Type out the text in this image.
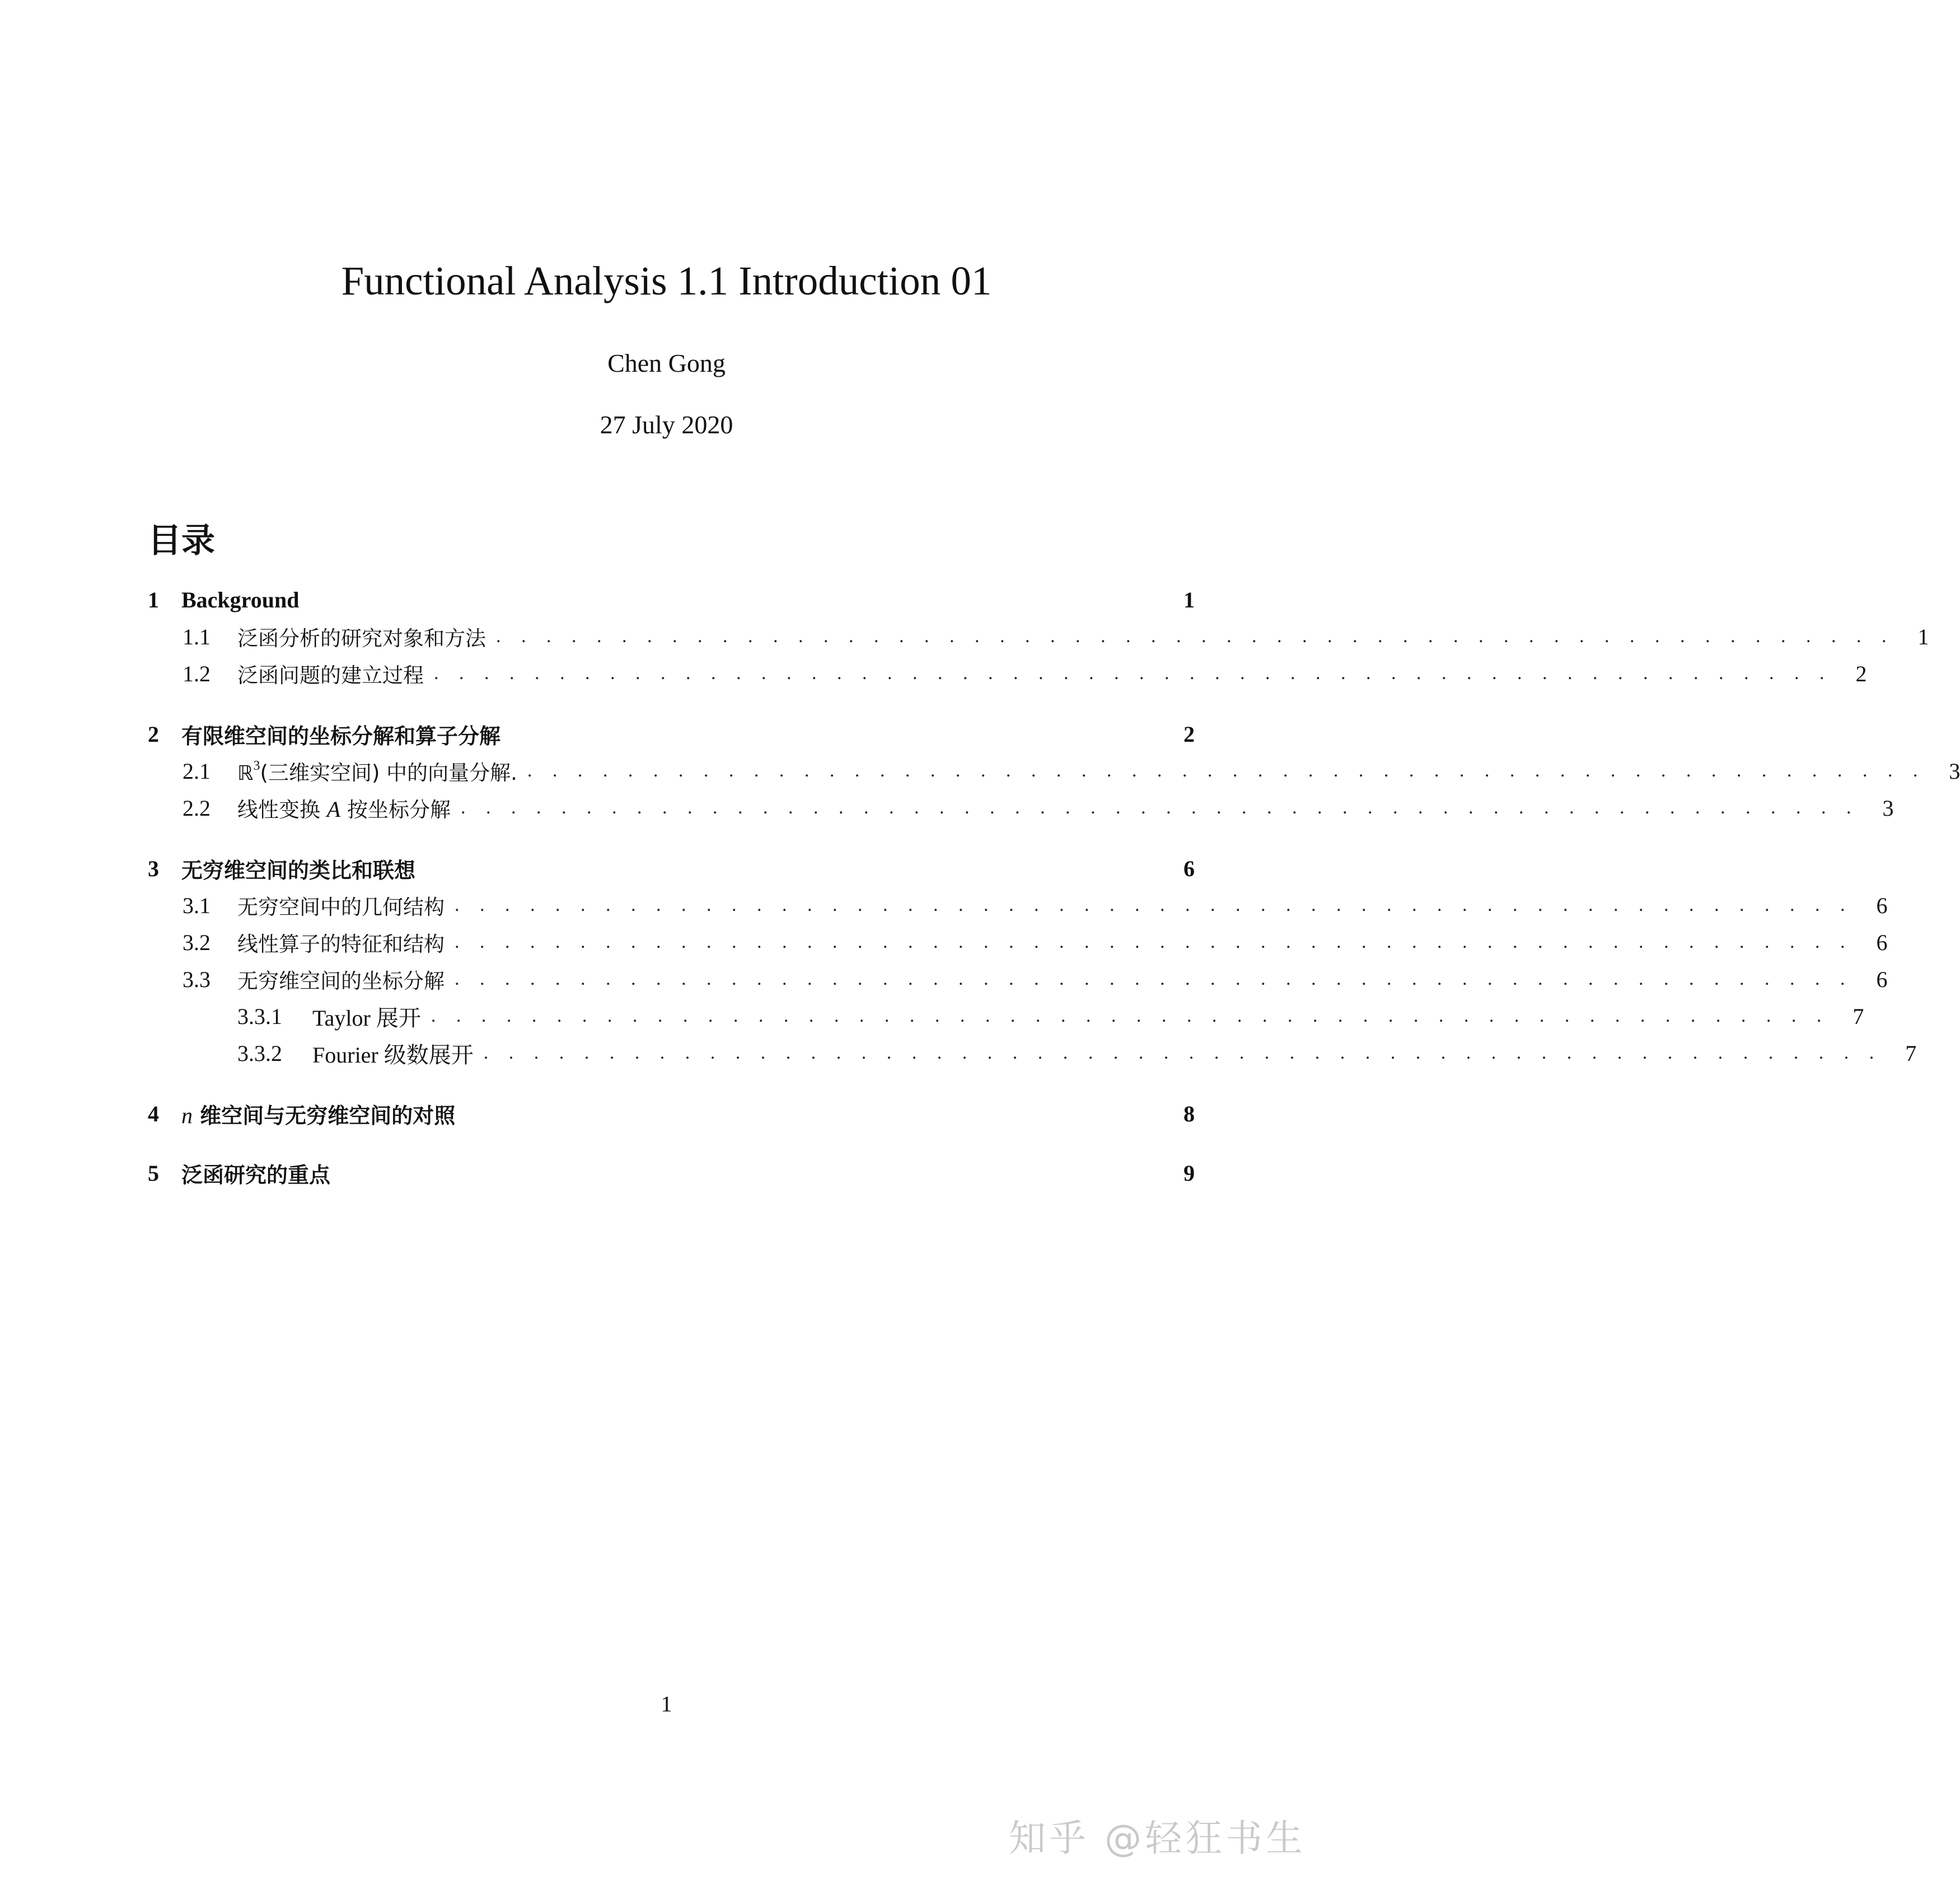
Functional Analysis 1.1 Introduction 01
Chen Gong
27 July 2020
目录
1	Background	1
1.1	泛函分析的研究对象和方法 . . . . . . . . . . . . . . . . . . . . . . . . . . . . . . . . . . . . . . . . . . . . . . . . . . . . . . . .	1
1.2	泛函问题的建立过程 . . . . . . . . . . . . . . . . . . . . . . . . . . . . . . . . . . . . . . . . . . . . . . . . . . . . . . . .	2
2	有限维空间的坐标分解和算子分解	2
2.1	ℝ$^3$(三维实空间) 中的向量分解. . . . . . . . . . . . . . . . . . . . . . . . . . . . . . . . . . . . . . . . . . . . . . . . . . . . . . . . .	3
2.2	线性变换 A 按坐标分解 . . . . . . . . . . . . . . . . . . . . . . . . . . . . . . . . . . . . . . . . . . . . . . . . . . . . . . . .	3
3	无穷维空间的类比和联想	6
3.1	无穷空间中的几何结构 . . . . . . . . . . . . . . . . . . . . . . . . . . . . . . . . . . . . . . . . . . . . . . . . . . . . . . . .	6
3.2	线性算子的特征和结构 . . . . . . . . . . . . . . . . . . . . . . . . . . . . . . . . . . . . . . . . . . . . . . . . . . . . . . . .	6
3.3	无穷维空间的坐标分解 . . . . . . . . . . . . . . . . . . . . . . . . . . . . . . . . . . . . . . . . . . . . . . . . . . . . . . . .	6
3.3.1	Taylor 展开 . . . . . . . . . . . . . . . . . . . . . . . . . . . . . . . . . . . . . . . . . . . . . . . . . . . . . . . .	7
3.3.2	Fourier 级数展开 . . . . . . . . . . . . . . . . . . . . . . . . . . . . . . . . . . . . . . . . . . . . . . . . . . . . . . . .	7
4	n 维空间与无穷维空间的对照	8
5	泛函研究的重点	9
1
知乎 @轻狂书生
